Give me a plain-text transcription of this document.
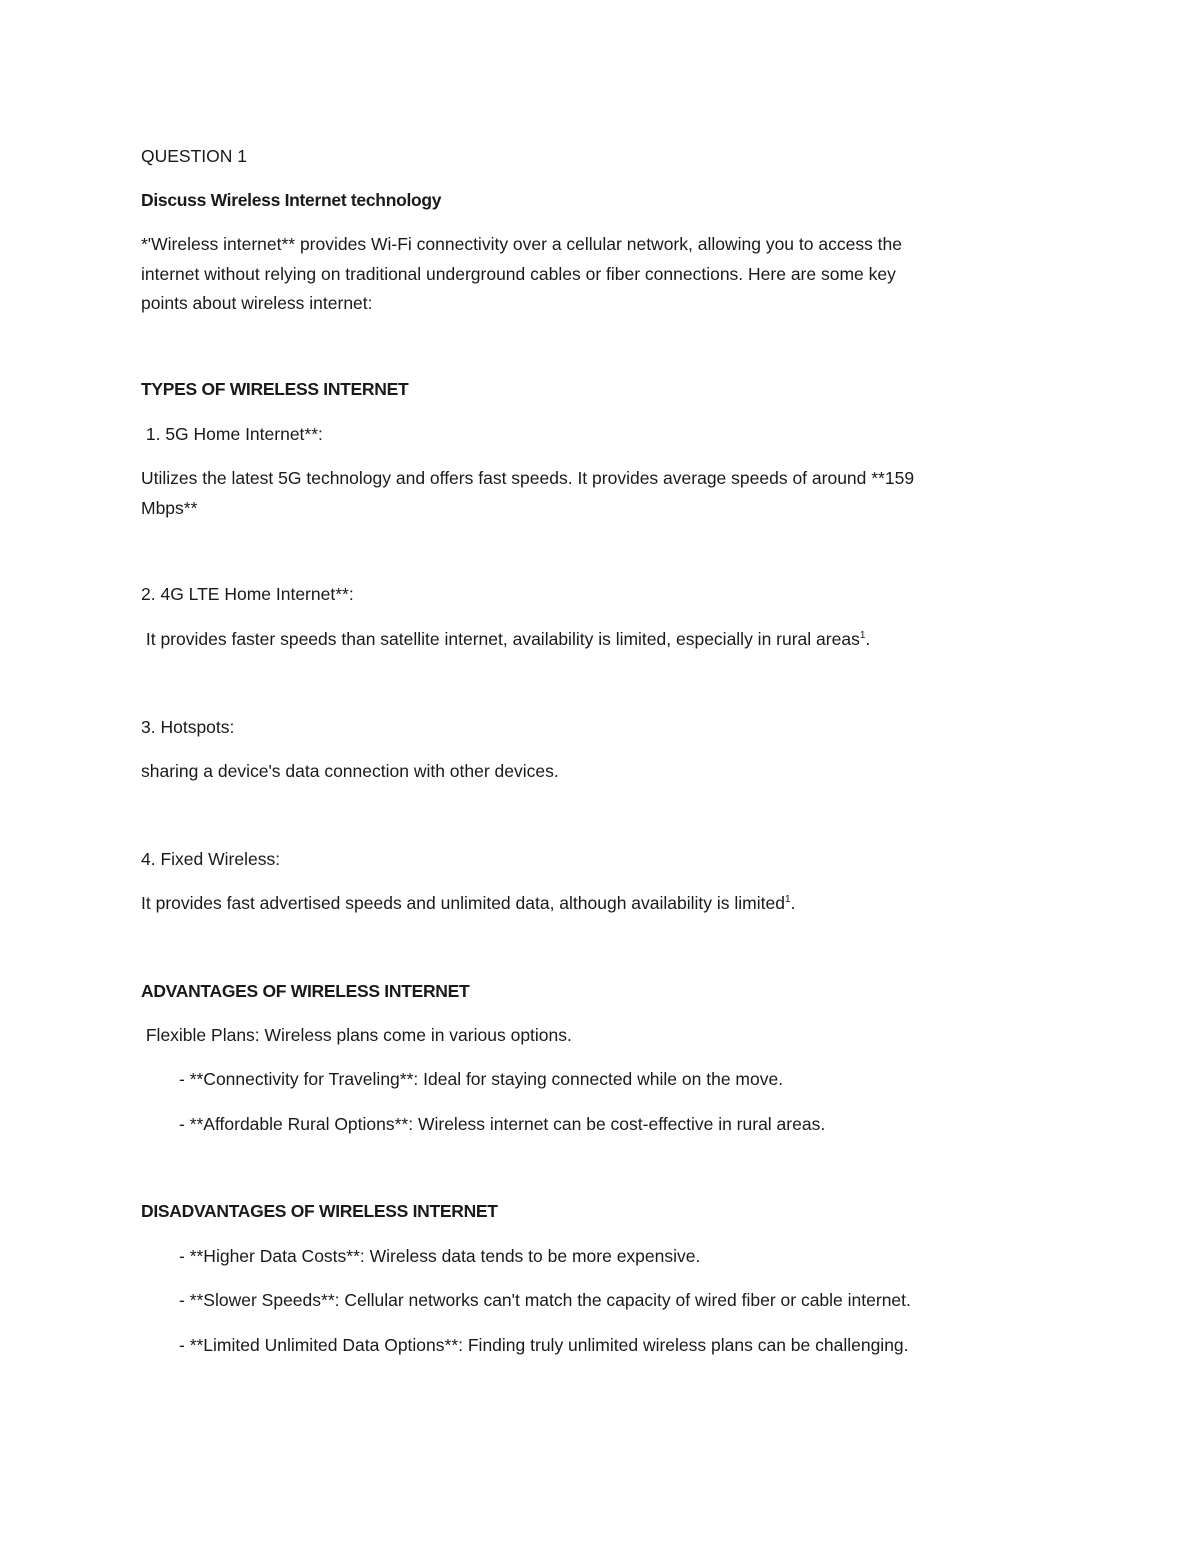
QUESTION 1

Discuss Wireless Internet technology

*'Wireless internet** provides Wi-Fi connectivity over a cellular network, allowing you to access the

internet without relying on traditional underground cables or fiber connections. Here are some key

points about wireless internet:

TYPES OF WIRELESS INTERNET

1. 5G Home Internet**:

Utilizes the latest 5G technology and offers fast speeds. It provides average speeds of around **159

Mbps**

2. 4G LTE Home Internet**:

It provides faster speeds than satellite internet, availability is limited, especially in rural areas$^1$.

3. Hotspots:

sharing a device's data connection with other devices.

4. Fixed Wireless:

It provides fast advertised speeds and unlimited data, although availability is limited$^1$.

ADVANTAGES OF WIRELESS INTERNET

Flexible Plans: Wireless plans come in various options.

- **Connectivity for Traveling**: Ideal for staying connected while on the move.

- **Affordable Rural Options**: Wireless internet can be cost-effective in rural areas.

DISADVANTAGES OF WIRELESS INTERNET

- **Higher Data Costs**: Wireless data tends to be more expensive.

- **Slower Speeds**: Cellular networks can't match the capacity of wired fiber or cable internet.

- **Limited Unlimited Data Options**: Finding truly unlimited wireless plans can be challenging.
